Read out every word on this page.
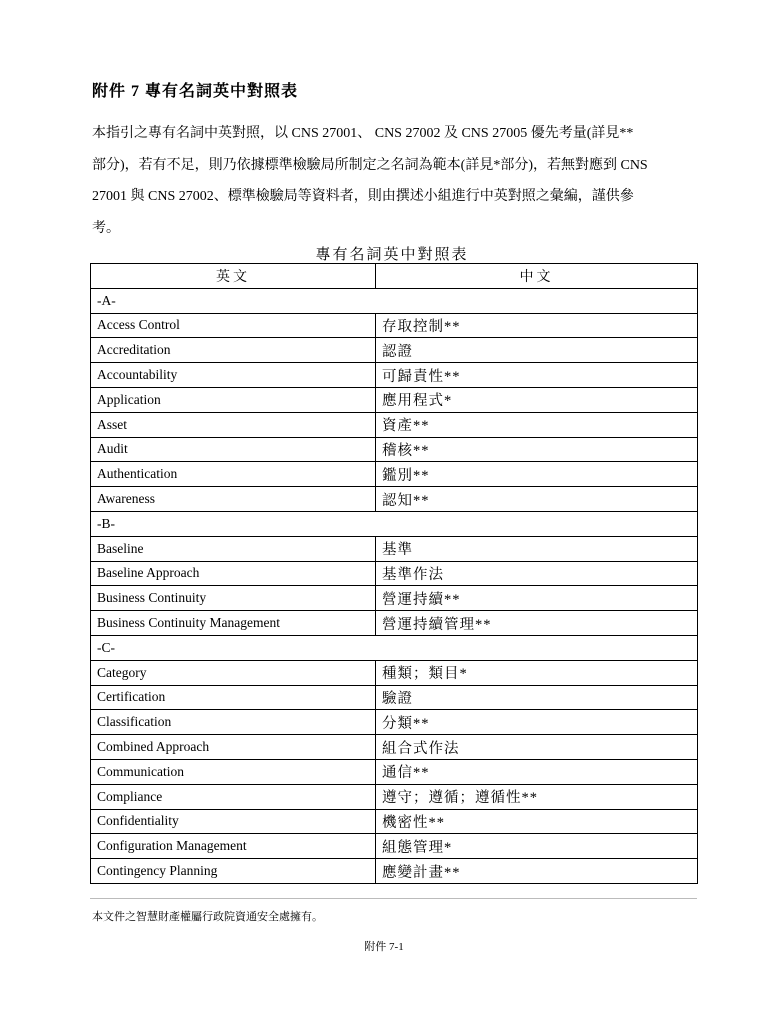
附件 7 專有名詞英中對照表
本指引之專有名詞中英對照，以 CNS 27001、 CNS 27002 及 CNS 27005 優先考量(詳見**
部分)，若有不足，則乃依據標準檢驗局所制定之名詞為範本(詳見*部分)，若無對應到 CNS
27001 與 CNS 27002、標準檢驗局等資料者，則由撰述小組進行中英對照之彙編，謹供參
考。
專有名詞英中對照表
英文	中文
-A-	
Access Control	存取控制**
Accreditation	認證
Accountability	可歸責性**
Application	應用程式*
Asset	資產**
Audit	稽核**
Authentication	鑑別**
Awareness	認知**
-B-	
Baseline	基準
Baseline Approach	基準作法
Business Continuity	營運持續**
Business Continuity Management	營運持續管理**
-C-	
Category	種類；類目*
Certification	驗證
Classification	分類**
Combined Approach	組合式作法
Communication	通信**
Compliance	遵守；遵循；遵循性**
Confidentiality	機密性**
Configuration Management	組態管理*
Contingency Planning	應變計畫**
本文件之智慧財產權屬行政院資通安全處擁有。
附件 7-1
